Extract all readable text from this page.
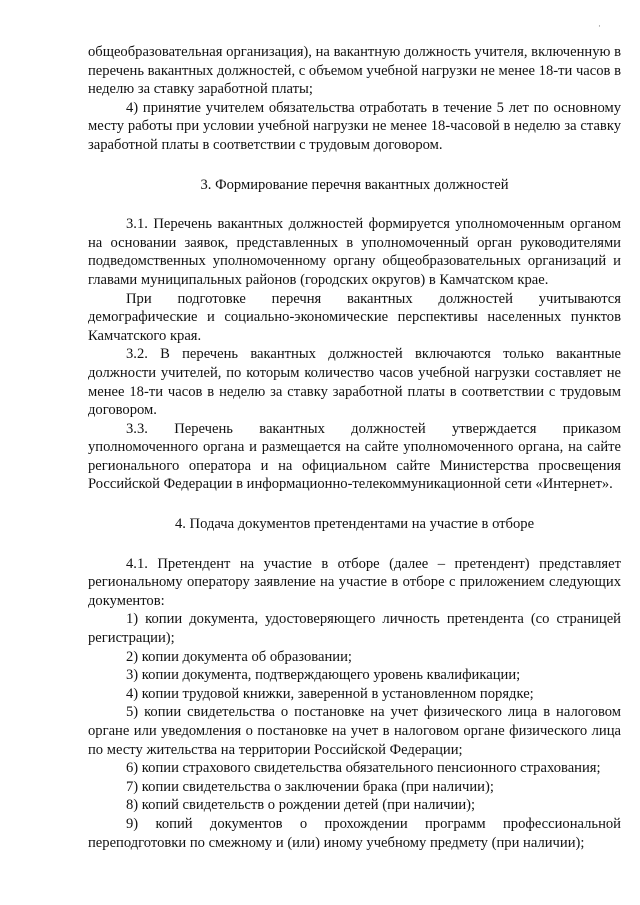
·

общеобразовательная организация), на вакантную должность учителя, включенную в перечень вакантных должностей, с объемом учебной нагрузки не менее 18-ти часов в неделю за ставку заработной платы;

4) принятие учителем обязательства отработать в течение 5 лет по основному месту работы при условии учебной нагрузки не менее 18-часовой в неделю за ставку заработной платы в соответствии с трудовым договором.

3. Формирование перечня вакантных должностей

3.1. Перечень вакантных должностей формируется уполномоченным органом на основании заявок, представленных в уполномоченный орган руководителями подведомственных уполномоченному органу общеобразовательных организаций и главами муниципальных районов (городских округов) в Камчатском крае.

При подготовке перечня вакантных должностей учитываются демографические и социально-экономические перспективы населенных пунктов Камчатского края.

3.2. В перечень вакантных должностей включаются только вакантные должности учителей, по которым количество часов учебной нагрузки составляет не менее 18-ти часов в неделю за ставку заработной платы в соответствии с трудовым договором.

3.3. Перечень вакантных должностей утверждается приказом уполномоченного органа и размещается на сайте уполномоченного органа, на сайте регионального оператора и на официальном сайте Министерства просвещения Российской Федерации в информационно-телекоммуникационной сети «Интернет».

4. Подача документов претендентами на участие в отборе

4.1. Претендент на участие в отборе (далее – претендент) представляет региональному оператору заявление на участие в отборе с приложением следующих документов:

1) копии документа, удостоверяющего личность претендента (со страницей регистрации);

2) копии документа об образовании;

3) копии документа, подтверждающего уровень квалификации;

4) копии трудовой книжки, заверенной в установленном порядке;

5) копии свидетельства о постановке на учет физического лица в налоговом органе или уведомления о постановке на учет в налоговом органе физического лица по месту жительства на территории Российской Федерации;

6) копии страхового свидетельства обязательного пенсионного страхования;

7) копии свидетельства о заключении брака (при наличии);

8) копий свидетельств о рождении детей (при наличии);

9) копий документов о прохождении программ профессиональной переподготовки по смежному и (или) иному учебному предмету (при наличии);
